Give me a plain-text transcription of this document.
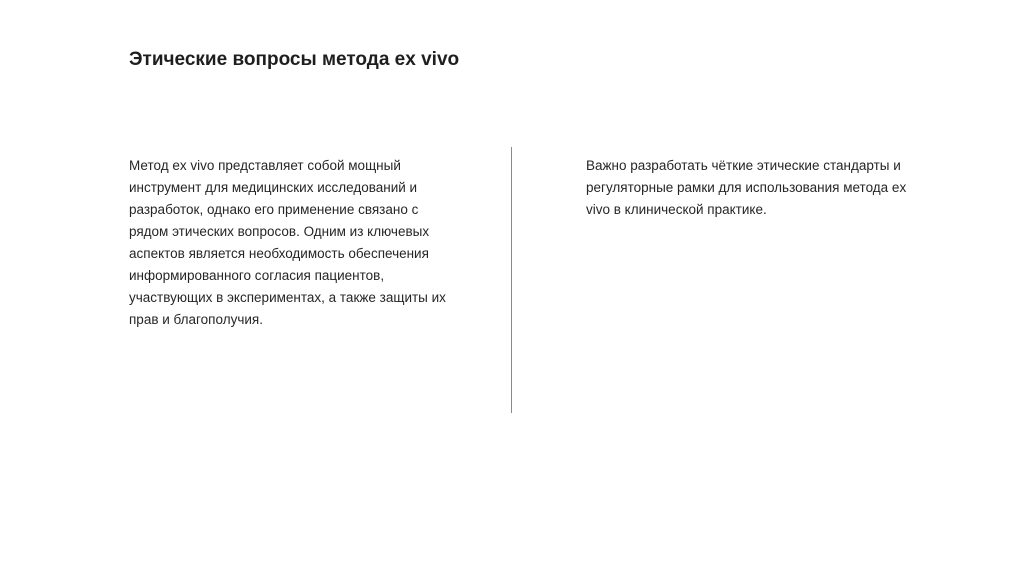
Этические вопросы метода ex vivo

Метод ex vivo представляет собой мощный
инструмент для медицинских исследований и
разработок, однако его применение связано с
рядом этических вопросов. Одним из ключевых
аспектов является необходимость обеспечения
информированного согласия пациентов,
участвующих в экспериментах, а также защиты их
прав и благополучия.

Важно разработать чёткие этические стандарты и
регуляторные рамки для использования метода ex
vivo в клинической практике.
